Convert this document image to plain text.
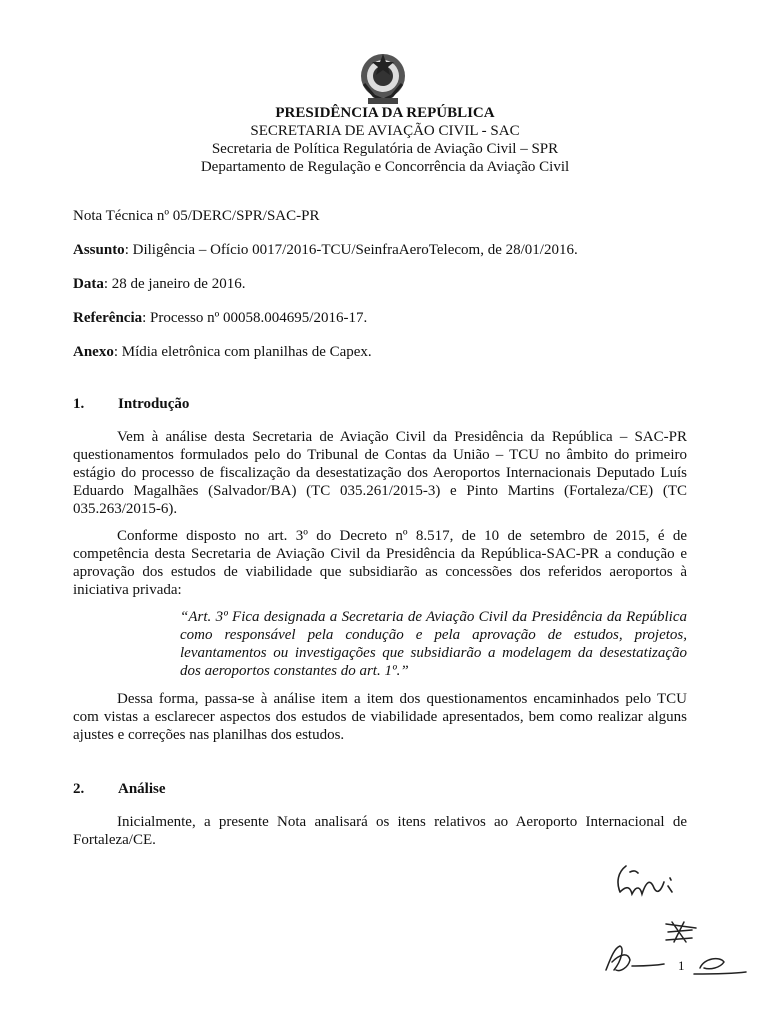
PRESIDÊNCIA DA REPÚBLICA
SECRETARIA DE AVIAÇÃO CIVIL - SAC
Secretaria de Política Regulatória de Aviação Civil – SPR
Departamento de Regulação e Concorrência da Aviação Civil
Nota Técnica nº 05/DERC/SPR/SAC-PR
Assunto: Diligência – Ofício 0017/2016-TCU/SeinfraAeroTelecom, de 28/01/2016.
Data: 28 de janeiro de 2016.
Referência: Processo nº 00058.004695/2016-17.
Anexo: Mídia eletrônica com planilhas de Capex.
1. Introdução
Vem à análise desta Secretaria de Aviação Civil da Presidência da República – SAC-PR questionamentos formulados pelo do Tribunal de Contas da União – TCU no âmbito do primeiro estágio do processo de fiscalização da desestatização dos Aeroportos Internacionais Deputado Luís Eduardo Magalhães (Salvador/BA) (TC 035.261/2015-3) e Pinto Martins (Fortaleza/CE) (TC 035.263/2015-6).
Conforme disposto no art. 3º do Decreto nº 8.517, de 10 de setembro de 2015, é de competência desta Secretaria de Aviação Civil da Presidência da República-SAC-PR a condução e aprovação dos estudos de viabilidade que subsidiarão as concessões dos referidos aeroportos à iniciativa privada:
“Art. 3º Fica designada a Secretaria de Aviação Civil da Presidência da República como responsável pela condução e pela aprovação de estudos, projetos, levantamentos ou investigações que subsidiarão a modelagem da desestatização dos aeroportos constantes do art. 1º.”
Dessa forma, passa-se à análise item a item dos questionamentos encaminhados pelo TCU com vistas a esclarecer aspectos dos estudos de viabilidade apresentados, bem como realizar alguns ajustes e correções nas planilhas dos estudos.
2. Análise
Inicialmente, a presente Nota analisará os itens relativos ao Aeroporto Internacional de Fortaleza/CE.
1
